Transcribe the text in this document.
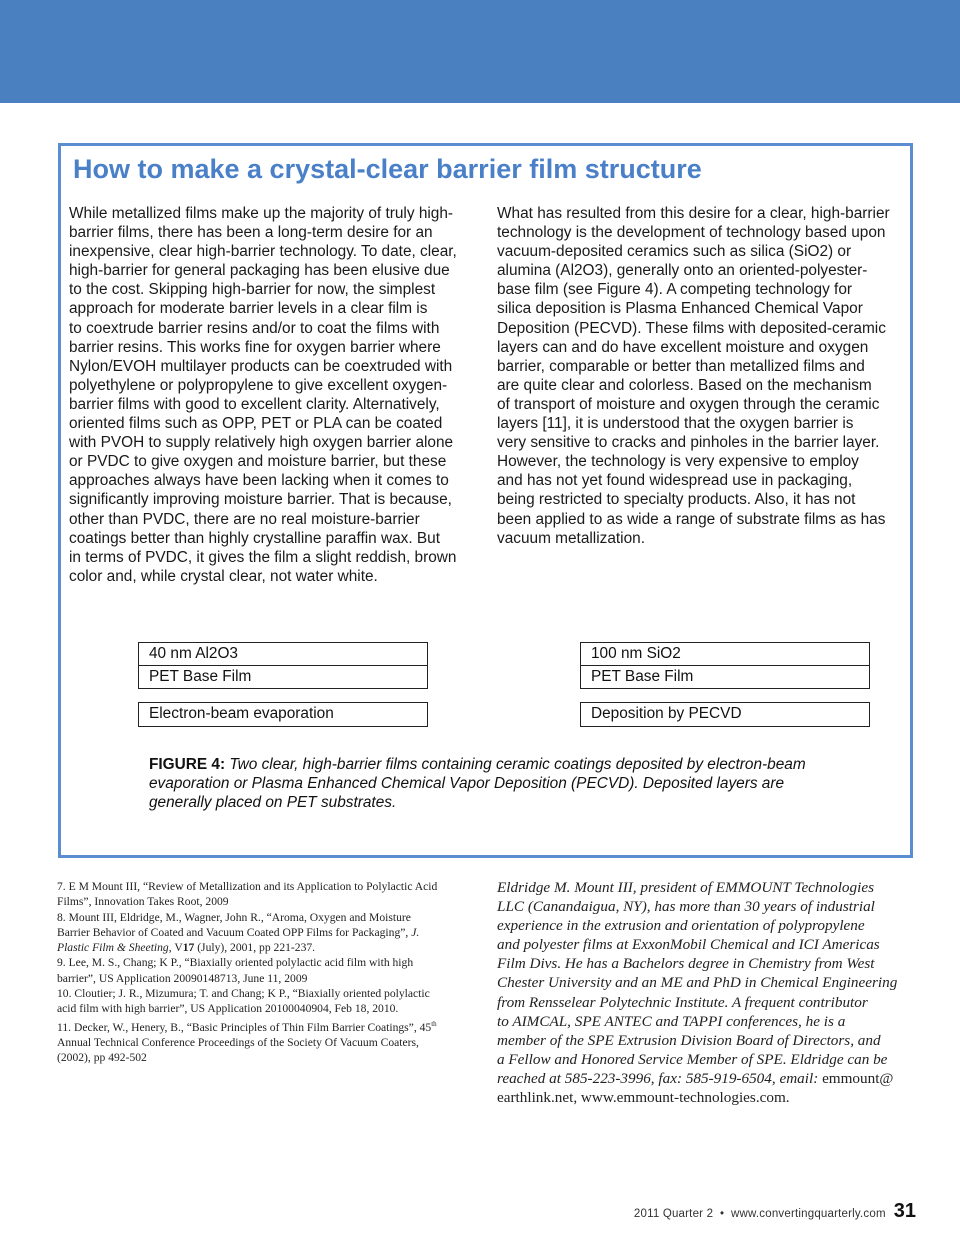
How to make a crystal-clear barrier film structure
While metallized films make up the majority of truly high-
barrier films, there has been a long-term desire for an
inexpensive, clear high-barrier technology. To date, clear,
high-barrier for general packaging has been elusive due
to the cost. Skipping high-barrier for now, the simplest
approach for moderate barrier levels in a clear film is
to coextrude barrier resins and/or to coat the films with
barrier resins. This works fine for oxygen barrier where
Nylon/EVOH multilayer products can be coextruded with
polyethylene or polypropylene to give excellent oxygen-
barrier films with good to excellent clarity. Alternatively,
oriented films such as OPP, PET or PLA can be coated
with PVOH to supply relatively high oxygen barrier alone
or PVDC to give oxygen and moisture barrier, but these
approaches always have been lacking when it comes to
significantly improving moisture barrier. That is because,
other than PVDC, there are no real moisture-barrier
coatings better than highly crystalline paraffin wax. But
in terms of PVDC, it gives the film a slight reddish, brown
color and, while crystal clear, not water white.
What has resulted from this desire for a clear, high-barrier
technology is the development of technology based upon
vacuum-deposited ceramics such as silica (SiO2) or
alumina (Al2O3), generally onto an oriented-polyester-
base film (see Figure 4). A competing technology for
silica deposition is Plasma Enhanced Chemical Vapor
Deposition (PECVD). These films with deposited-ceramic
layers can and do have excellent moisture and oxygen
barrier, comparable or better than metallized films and
are quite clear and colorless. Based on the mechanism
of transport of moisture and oxygen through the ceramic
layers [11], it is understood that the oxygen barrier is
very sensitive to cracks and pinholes in the barrier layer.
However, the technology is very expensive to employ
and has not yet found widespread use in packaging,
being restricted to specialty products. Also, it has not
been applied to as wide a range of substrate films as has
vacuum metallization.
40 nm Al2O3
PET Base Film
Electron-beam evaporation
100 nm SiO2
PET Base Film
Deposition by PECVD
FIGURE 4: Two clear, high-barrier films containing ceramic coatings deposited by electron-beam evaporation or Plasma Enhanced Chemical Vapor Deposition (PECVD). Deposited layers are generally placed on PET substrates.
7. E M Mount III, “Review of Metallization and its Application to Polylactic Acid
Films”, Innovation Takes Root, 2009
8. Mount III, Eldridge, M., Wagner, John R., “Aroma, Oxygen and Moisture
Barrier Behavior of Coated and Vacuum Coated OPP Films for Packaging”, J.
Plastic Film & Sheeting, V17 (July), 2001, pp 221-237.
9. Lee, M. S., Chang; K P., “Biaxially oriented polylactic acid film with high
barrier”, US Application 20090148713, June 11, 2009
10. Cloutier; J. R., Mizumura; T. and Chang; K P., “Biaxially oriented polylactic
acid film with high barrier”, US Application 20100040904, Feb 18, 2010.
11. Decker, W., Henery, B., “Basic Principles of Thin Film Barrier Coatings”, 45th
Annual Technical Conference Proceedings of the Society Of Vacuum Coaters,
(2002), pp 492-502
Eldridge M. Mount III, president of EMMOUNT Technologies
LLC (Canandaigua, NY), has more than 30 years of industrial
experience in the extrusion and orientation of polypropylene
and polyester films at ExxonMobil Chemical and ICI Americas
Film Divs. He has a Bachelors degree in Chemistry from West
Chester University and an ME and PhD in Chemical Engineering
from Rensselear Polytechnic Institute. A frequent contributor
to AIMCAL, SPE ANTEC and TAPPI conferences, he is a
member of the SPE Extrusion Division Board of Directors, and
a Fellow and Honored Service Member of SPE. Eldridge can be
reached at 585-223-3996, fax: 585-919-6504, email: emmount@
earthlink.net, www.emmount-technologies.com.
2011 Quarter 2  •  www.convertingquarterly.com 31
